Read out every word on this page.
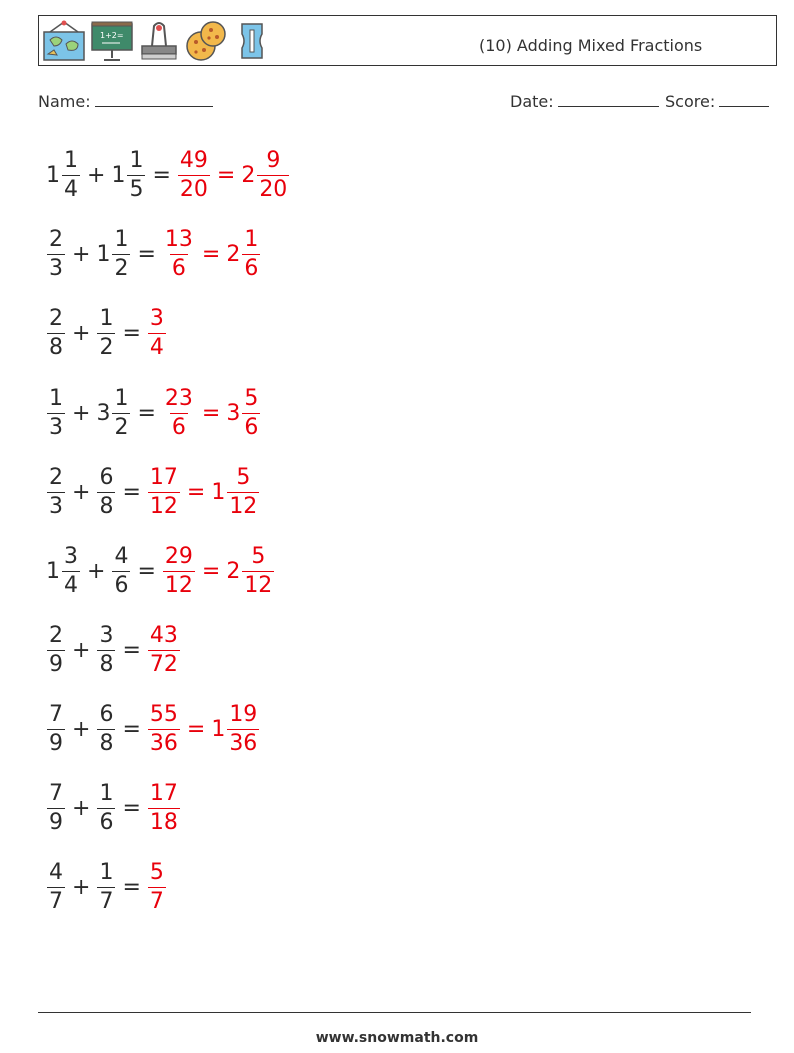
1+2=
(10) Adding Mixed Fractions
Name:	Date:	Score:
$1 \frac{1}{4} + 1 \frac{1}{5} = \frac{49}{20} = 2 \frac{9}{20}$
$\frac{2}{3} + 1 \frac{1}{2} = \frac{13}{6} = 2 \frac{1}{6}$
$\frac{2}{8} + \frac{1}{2} = \frac{3}{4}$
$\frac{1}{3} + 3 \frac{1}{2} = \frac{23}{6} = 3 \frac{5}{6}$
$\frac{2}{3} + \frac{6}{8} = \frac{17}{12} = 1 \frac{5}{12}$
$1 \frac{3}{4} + \frac{4}{6} = \frac{29}{12} = 2 \frac{5}{12}$
$\frac{2}{9} + \frac{3}{8} = \frac{43}{72}$
$\frac{7}{9} + \frac{6}{8} = \frac{55}{36} = 1 \frac{19}{36}$
$\frac{7}{9} + \frac{1}{6} = \frac{17}{18}$
$\frac{4}{7} + \frac{1}{7} = \frac{5}{7}$
www.snowmath.com
